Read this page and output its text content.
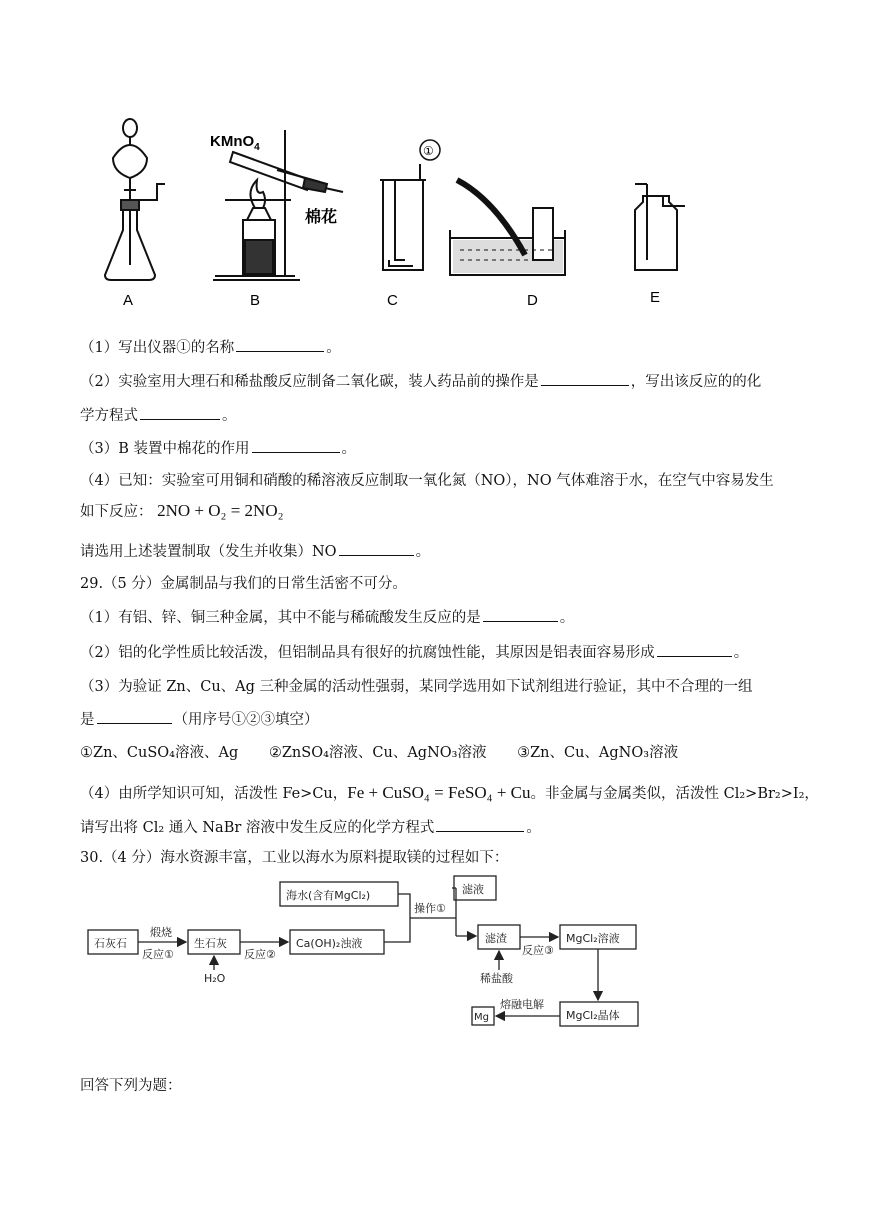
A
KMnO$_4$
棉花
B
①
C	D	E
（1）写出仪器①的名称	。
（2）实验室用大理石和稀盐酸反应制备二氧化碳，装人药品前的操作是	，写出该反应的的化
学方程式	。
（3）B 装置中棉花的作用	。
（4）已知：实验室可用铜和硝酸的稀溶液反应制取一氧化氮（NO），NO 气体难溶于水，在空气中容易发生
如下反应： 2NO + O₂ = 2NO₂
请选用上述装置制取（发生并收集）NO	。
29.（5 分）金属制品与我们的日常生活密不可分。
（1）有铝、锌、铜三种金属，其中不能与稀硫酸发生反应的是	。
（2）铝的化学性质比较活泼，但铝制品具有很好的抗腐蚀性能，其原因是铝表面容易形成	。
（3）为验证 Zn、Cu、Ag 三种金属的活动性强弱，某同学选用如下试剂组进行验证，其中不合理的一组
是	（用序号①②③填空）
①Zn、CuSO₄溶液、Ag ②ZnSO₄溶液、Cu、AgNO₃溶液 ③Zn、Cu、AgNO₃溶液
（4）由所学知识可知，活泼性 Fe>Cu，Fe + CuSO₄ = FeSO₄ + Cu。非金属与金属类似，活泼性 Cl₂>Br₂>I₂，
请写出将 Cl₂ 通入 NaBr 溶液中发生反应的化学方程式	。
30.（4 分）海水资源丰富，工业以海水为原料提取镁的过程如下：
海水(含有MgCl₂)	滤液
石灰石
煅烧
反应①
生石灰
反应②
H₂O
Ca(OH)₂浊液
操作①
滤渣
反应③
稀盐酸
MgCl₂溶液
熔融电解
MgCl₂晶体
Mg
回答下列为题：
